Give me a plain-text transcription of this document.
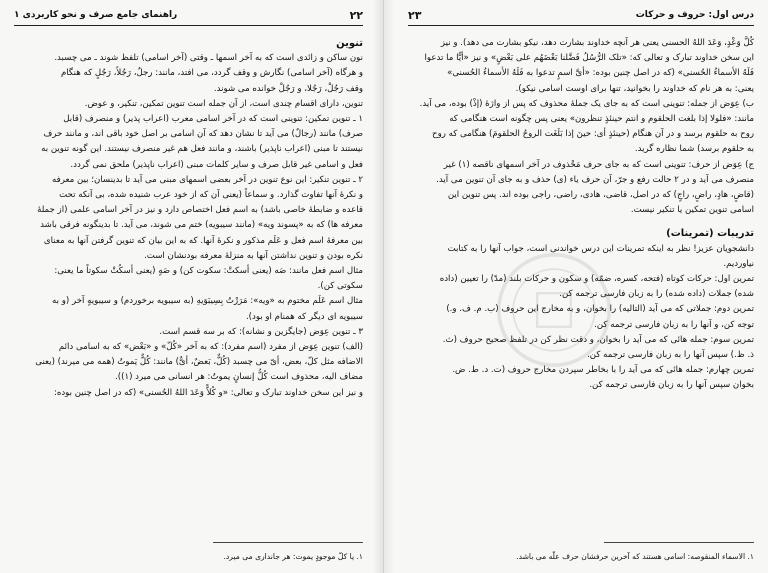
۲۲
راهنمای جامع صرف و نحو کاربردی ۱

تنوین

نون ساکن و زائدی است که به آخر اسمها ـ وقتی (آخر اسامی) تلفظ شوند ـ می چسبد.

و هرگاه (آخر اسامی) نگارش و وقف گردد، می افتد، مانند: رجلٌ، رَجُلاً، رَجُلٍ که هنگام

وقف رَجُلْ، رَجُلا، و رَجُلْ خوانده می شوند.

تنوین، دارای اقسام چندی است، از آن جمله است تنوین تمکین، تنکیر، و عوض.

۱ ـ تنوین تمکین: تنوینی است که در آخر اسامی معرب (اعراب پذیر) و منصرف (قابل

صرف) مانند (رجالٌ) می آید تا نشان دهد که آن اسامی بر اصل خود باقی اند، و مانند حرف

نیستند تا مبنی (اعراب ناپذیر) باشند، و مانند فعل هم غیر منصرف نیستند. این گونه تنوین به

فعل و اسامی غیر قابل صرف و سایر کلمات مبنی (اعراب ناپذیر) ملحق نمی گردد.

۲ ـ تنوین تنکیر: این نوع تنوین در آخر بعضی اسمهای مبنی می آید تا بدینسان؛ بین معرفه

و نکرهٔ آنها تفاوت گذارد. و سماعاً (یعنی آن که از خود عرب شنیده شده، بی آنکه تحت

قاعده و ضابطهٔ خاصی باشد) به اسم فعل اختصاص دارد و نیز در آخر اسامی علمی (از جملهٔ

معرفه ها) که به «پسوند ویه» (مانند سیبویه) ختم می شوند، می آید. تا بدینگونه فرقی باشد

بین معرفهٔ اسم فعل و عَلَم مذکور و نکرهٔ آنها. که به این بیان که تنوین گرفتن آنها به معنای

نکره بودن و تنوین نداشتن آنها به منزلهٔ معرفه بودنشان است.

مثال اسم فعل مانند: صَه (یعنی أسکتْ: سکوت کن) و صَهٍ (یعنی أسکُتْ سکوتاً ما یعنی:

سکوتی کن).

مثال اسم عَلَم مختوم به «ویه»: مَرَرْتُ بِسِیبَوَیهِ (به سیبویه برخوردم) و سیبویهٍ آخر (و به

سیبویه ای دیگر که همنام او بود).

۳ ـ تنوین عِوَض (جایگزین و نشانه): که بر سه قسم است.

(الف) تنوین عِوَض از مفرد (اسم مفرد): که به آخر «کُلّ» و «بَعْض» که به اسامی دائم

الاضافه مثل کلّ، بعض، أیّ می چسبد (کُلٌّ، بَعضٌ، أیٌّ) مانند: کُلٌّ یَموتُ (همه می میرند) (یعنی

مضاف الیه، محذوف است کُلُّ إنسانٍ یموتُ: هر انسانی می میرد (۱)).

و نیز این سخن خداوند تبارک و تعالی: «و کُلاًّ وَعَدَ اللهُ الحُسنی» (که در اصل چنین بوده:

۱. یا کلّ موجودٍ یموت: هر جانداری می میرد.
درس اول: حروف و حرکات
۲۳

کُلَّ وَعْدٍ، وَعَدَ اللهُ الحسنی یعنی هر آنچه خداوند بشارت دهد، نیکو بشارت می دهد). و نیز

این سخن خداوند تبارک و تعالی که: «تلک الرُّسُلُ فَضَّلنا بَعْضَهُم علی بَعْضٍ» و نیز «أیًّا ما تدعوا

فَلَهُ الأسماءُ الحُسنی» (که در اصل چنین بوده: «أیَّ اسمٍ تدعوا به فَلَهُ الأسماءُ الحُسنی»

یعنی: به هر نام که خداوند را بخوانید، تنها برای اوست اسامی نیکو).

ب) عِوَض از جمله: تنوینی است که به جای یک جملهٔ محذوف که پس از واژهٔ (إذْ) بوده، می آید.

مانند: «فلولا إذا بلغت الحلقوم و انتم حینئذٍ تنظرون» یعنی پس چگونه است هنگامی که

روح به حلقوم برسد و در آن هنگام (حینئذٍ أی: حینَ إذا بَلَغَت الروحُ الحلقومَ) هنگامی که روح

به حلقوم برسد) شما نظاره گرید.

ج) عِوَض از حرف: تنوینی است که به جای حرف مَحْذوف در آخر اسمهای ناقصه (۱) غیر

منصرف می آید و در ۲ حالت رفع و جرّ، آن حرف یاء (ی) حذف و به جای آن تنوین می آید.

(قاضٍ، هادٍ، راضٍ، راجٍ) که در اصل، قاضی، هادی، راضی، راجی بوده اند. پس تنوین این

اسامی تنوین تمکین یا تنکیر نیست.

تدریبات (تمرینات)

دانشجویان عزیز! نظر به اینکه تمرینات این درس خواندنی است، جواب آنها را به کتابت

نیاوردیم.

تمرین اول: حرکات کوتاه (فتحه، کسره، ضمّه) و سکون و حرکات بلند (مدّ) را تعیین (داده

شده) جملات (داده شده) را به زبان فارسی ترجمه کن.

تمرین دوم: جملاتی که می آید (التالیه) را بخوان، و به مخارج این حروف (ب. م. ف. و.)

توجه کن، و آنها را به زبان فارسی ترجمه کن.

تمرین سوم: جمله هائی که می آید را بخوان، و دقت نظر کن در تلفظ صحیح حروف (ث.

ذ. ظ.) سپس آنها را به زبان فارسی ترجمه کن.

تمرین چهارم: جمله هائی که می آید را با بخاطر سپردن مخارج حروف (ت. د. ط. ض.

بخوان سپس آنها را به زبان فارسی ترجمه کن.

۱. الاسماء المنقوصه: اسامی هستند که آخرین حرفشان حرف علّه می باشد.
